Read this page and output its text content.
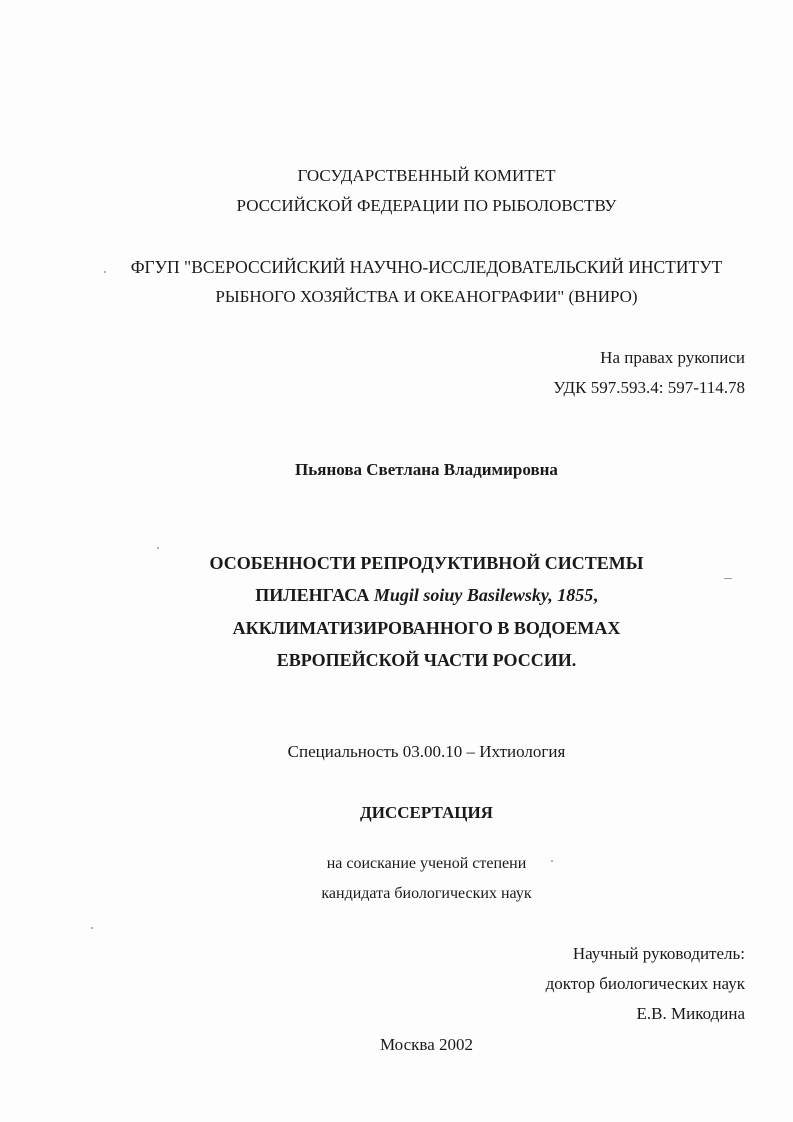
ГОСУДАРСТВЕННЫЙ КОМИТЕТ
РОССИЙСКОЙ ФЕДЕРАЦИИ ПО РЫБОЛОВСТВУ
ФГУП "ВСЕРОССИЙСКИЙ НАУЧНО-ИССЛЕДОВАТЕЛЬСКИЙ ИНСТИТУТ
РЫБНОГО ХОЗЯЙСТВА И ОКЕАНОГРАФИИ" (ВНИРО)
На правах рукописи
УДК 597.593.4: 597-114.78
Пьянова Светлана Владимировна
ОСОБЕННОСТИ РЕПРОДУКТИВНОЙ СИСТЕМЫ
ПИЛЕНГАСА Mugil soiuy Basilewsky, 1855,
АККЛИМАТИЗИРОВАННОГО В ВОДОЕМАХ
ЕВРОПЕЙСКОЙ ЧАСТИ РОССИИ.
Специальность 03.00.10 – Ихтиология
ДИССЕРТАЦИЯ
на соискание ученой степени
кандидата биологических наук
Научный руководитель:
доктор биологических наук
Е.В. Микодина
Москва 2002
